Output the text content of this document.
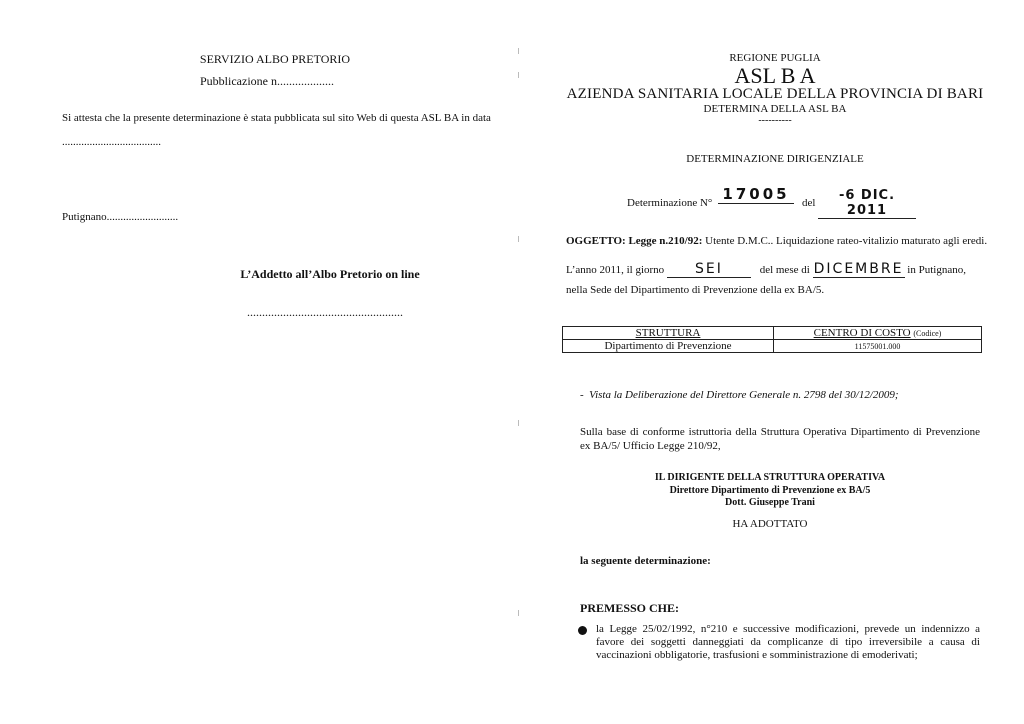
SERVIZIO ALBO PRETORIO
Pubblicazione n...................
Si attesta che la presente determinazione è stata pubblicata sul sito Web di questa ASL BA in data
....................................
Putignano..........................
L’Addetto all’Albo Pretorio on line
....................................................
REGIONE PUGLIA
ASL B A
AZIENDA SANITARIA LOCALE DELLA PROVINCIA DI BARI
DETERMINA DELLA ASL BA
----------
DETERMINAZIONE DIRIGENZIALE
Determinazione N° 17005	del	-6 DIC. 2011
OGGETTO: Legge n.210/92: Utente D.M.C.. Liquidazione rateo-vitalizio maturato agli eredi.
L’anno 2011, il giorno SEI	del mese di DICEMBRE in Putignano,
nella Sede del Dipartimento di Prevenzione della ex BA/5.
STRUTTURA	CENTRO DI COSTO (Codice)
Dipartimento di Prevenzione	11575001.000
-  Vista la Deliberazione del Direttore Generale n. 2798 del 30/12/2009;
Sulla base di conforme istruttoria della Struttura Operativa Dipartimento di Prevenzione ex BA/5/ Ufficio Legge 210/92,
IL DIRIGENTE DELLA STRUTTURA OPERATIVA
Direttore Dipartimento di Prevenzione ex BA/5
Dott. Giuseppe Trani
HA ADOTTATO
la seguente determinazione:
PREMESSO CHE:
la Legge 25/02/1992, n°210 e successive modificazioni, prevede un indennizzo a favore dei soggetti danneggiati da complicanze di tipo irreversibile a causa di vaccinazioni obbligatorie, trasfusioni e somministrazione di emoderivati;
